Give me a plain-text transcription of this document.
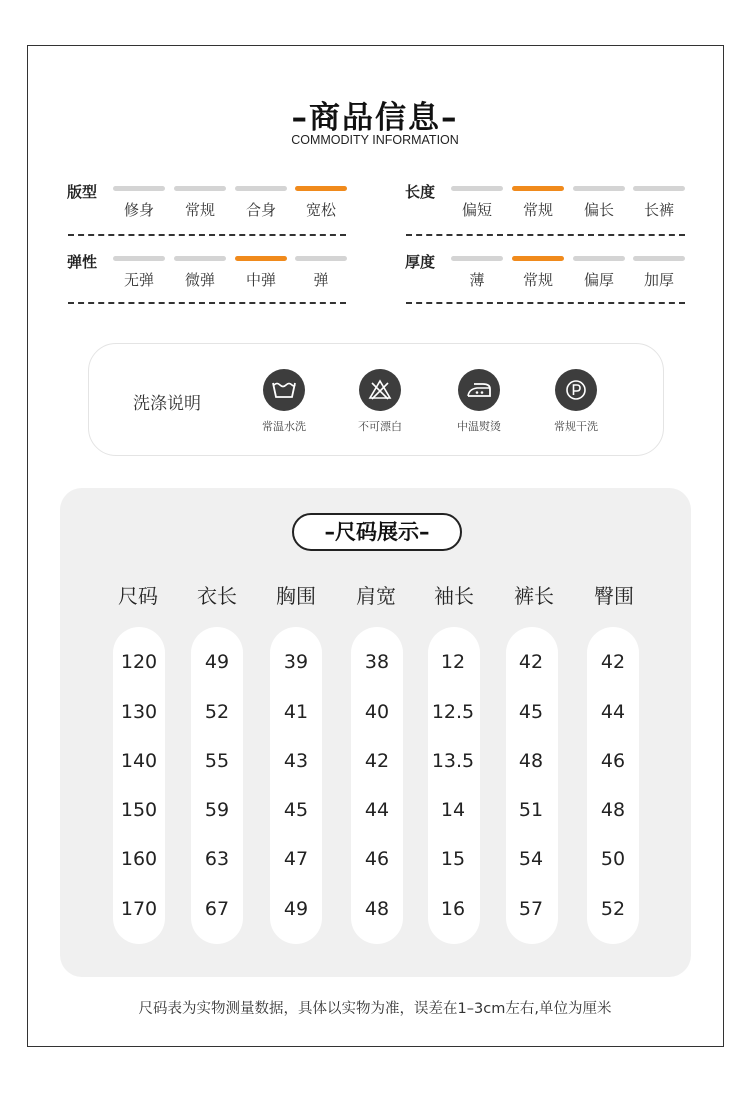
–商品信息–
COMMODITY INFORMATION
版型
修身	常规	合身	宽松
长度
偏短	常规	偏长	长裤
弹性
无弹	微弹	中弹	弹
厚度
薄	常规	偏厚	加厚
洗涤说明
常温水洗	不可漂白	中温熨烫	常规干洗
–尺码展示–
尺码	衣长	胸围	肩宽	袖长	裤长	臀围
120	49	39	38	12	42	42
130	52	41	40	12.5	45	44
140	55	43	42	13.5	48	46
150	59	45	44	14	51	48
160	63	47	46	15	54	50
170	67	49	48	16	57	52
尺码表为实物测量数据，具体以实物为准，误差在1–3cm左右,单位为厘米
